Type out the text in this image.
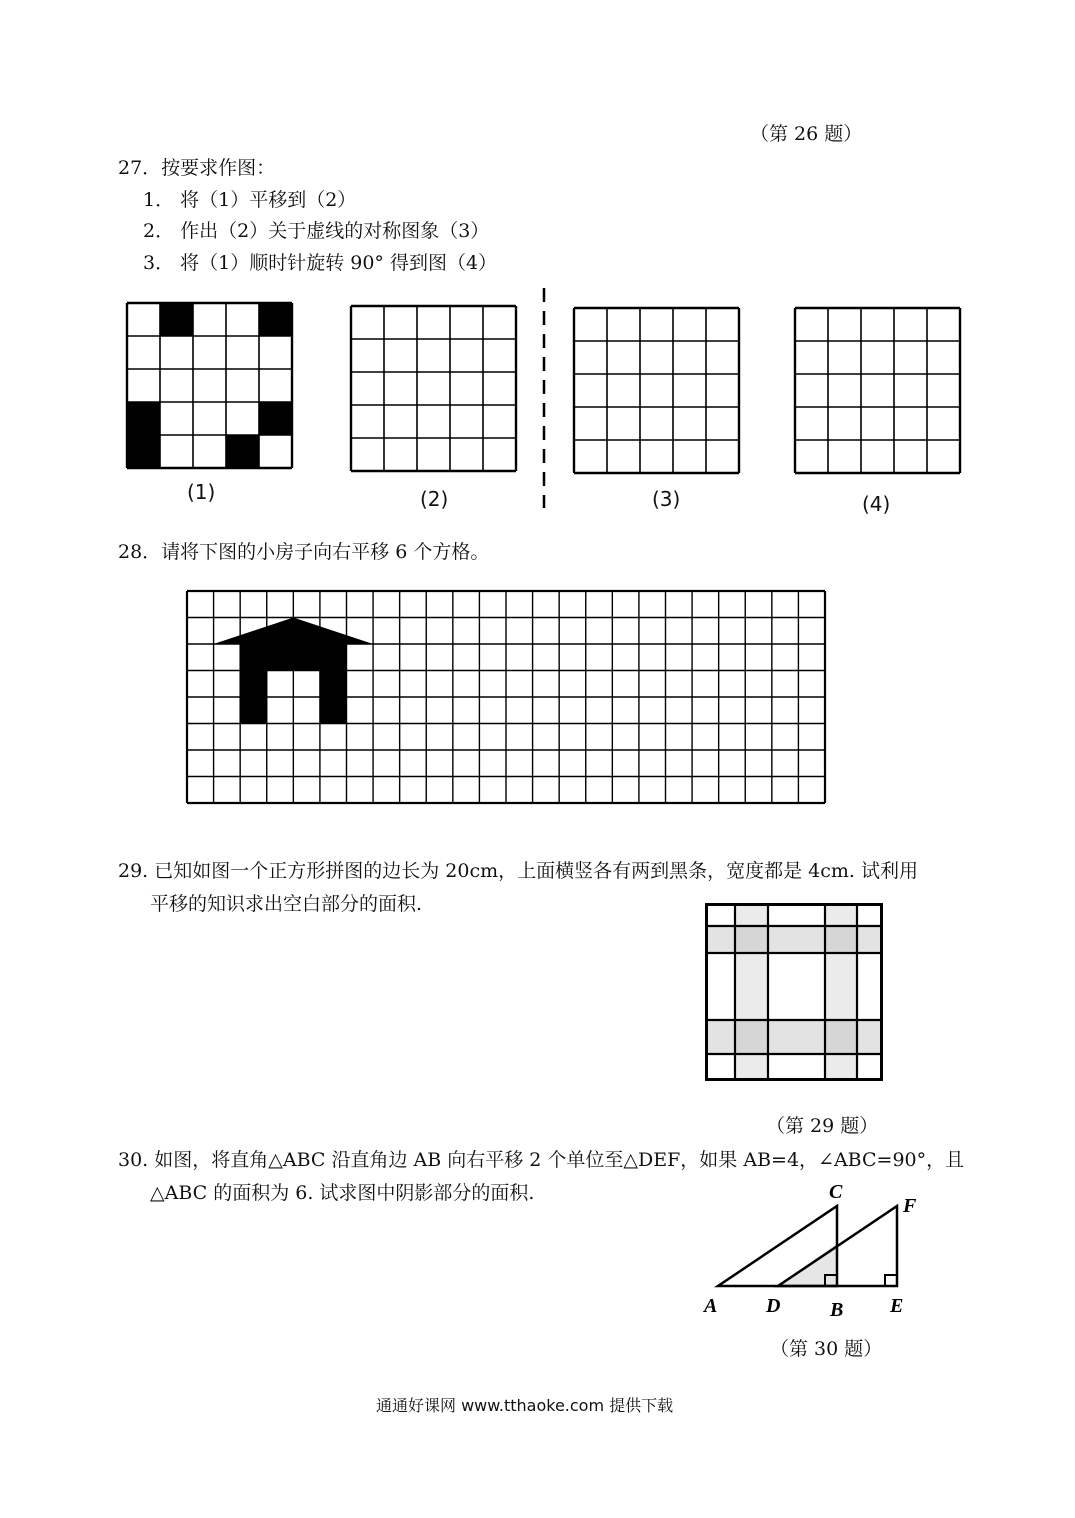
（第 26 题）
27．按要求作图：
1． 将（1）平移到（2）
2． 作出（2）关于虚线的对称图象（3）
3． 将（1）顺时针旋转 90° 得到图（4）
(1)	(2)	(3)	(4)
28．请将下图的小房子向右平移 6 个方格。
29. 已知如图一个正方形拼图的边长为 20cm，上面横竖各有两到黑条，宽度都是 4cm. 试利用
平移的知识求出空白部分的面积.
（第 29 题）
30. 如图，将直角△ABC 沿直角边 AB 向右平移 2 个单位至△DEF，如果 AB=4，∠ABC=90°，且
△ABC 的面积为 6. 试求图中阴影部分的面积.
A D B E
C
F
（第 30 题）
通通好课网 www.tthaoke.com 提供下载
